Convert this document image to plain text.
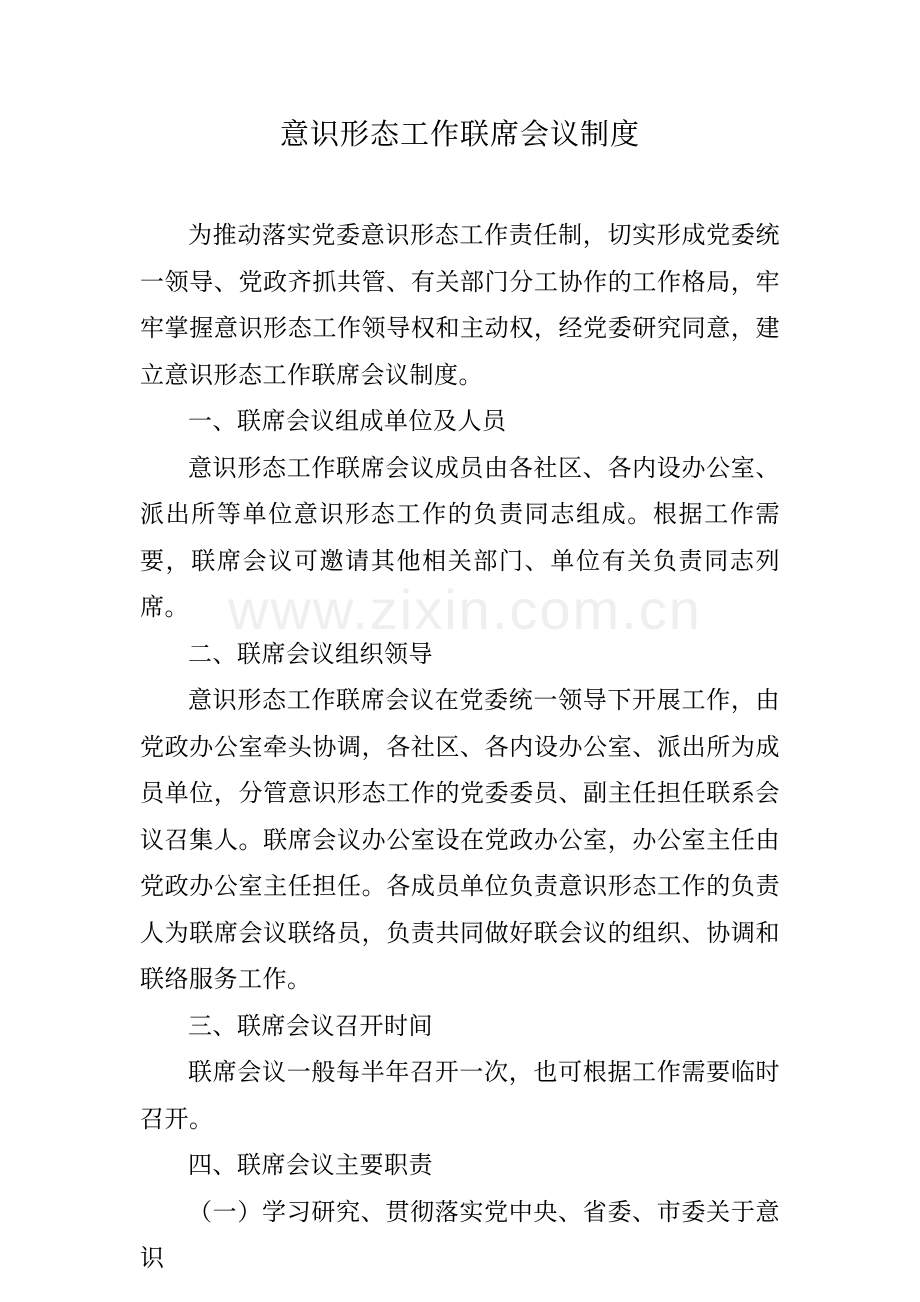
意识形态工作联席会议制度

为推动落实党委意识形态工作责任制，切实形成党委统一领导、党政齐抓共管、有关部门分工协作的工作格局，牢牢掌握意识形态工作领导权和主动权，经党委研究同意，建立意识形态工作联席会议制度。

一、联席会议组成单位及人员

意识形态工作联席会议成员由各社区、各内设办公室、派出所等单位意识形态工作的负责同志组成。根据工作需要，联席会议可邀请其他相关部门、单位有关负责同志列席。

二、联席会议组织领导

意识形态工作联席会议在党委统一领导下开展工作，由党政办公室牵头协调，各社区、各内设办公室、派出所为成员单位，分管意识形态工作的党委委员、副主任担任联系会议召集人。联席会议办公室设在党政办公室，办公室主任由党政办公室主任担任。各成员单位负责意识形态工作的负责人为联席会议联络员，负责共同做好联会议的组织、协调和联络服务工作。

三、联席会议召开时间

联席会议一般每半年召开一次，也可根据工作需要临时召开。

四、联席会议主要职责

（一）学习研究、贯彻落实党中央、省委、市委关于意识

www.zixin.com.cn
